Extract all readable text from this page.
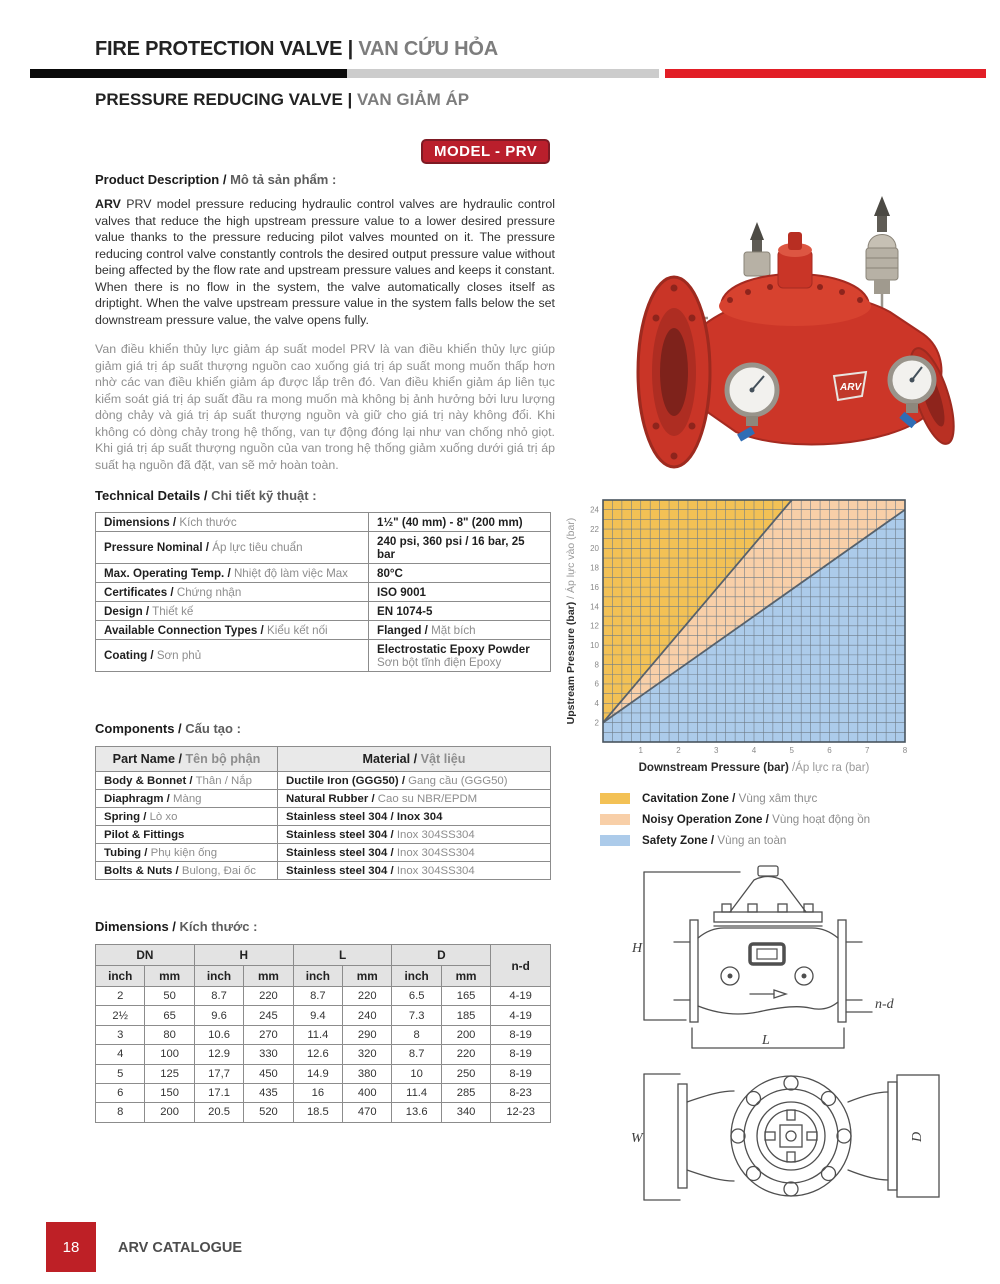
FIRE PROTECTION VALVE | VAN CỨU HỎA
PRESSURE REDUCING VALVE | VAN GIẢM ÁP
MODEL - PRV
Product Description / Mô tả sản phẩm :
ARV PRV model pressure reducing hydraulic control valves are hydraulic control valves that reduce the high upstream pressure value to a lower desired pressure value thanks to the pressure reducing pilot valves mounted on it. The pressure reducing control valve constantly controls the desired output pressure value without being affected by the flow rate and upstream pressure values and keeps it constant. When there is no flow in the system, the valve automatically closes itself as driptight. When the valve upstream pressure value in the system falls below the set downstream pressure value, the valve opens fully.
Van điều khiển thủy lực giảm áp suất model PRV là van điều khiển thủy lực giúp giảm giá trị áp suất thượng nguồn cao xuống giá trị áp suất mong muốn thấp hơn nhờ các van điều khiển giảm áp được lắp trên đó. Van điều khiển giảm áp liên tục kiểm soát giá trị áp suất đầu ra mong muốn mà không bị ảnh hưởng bởi lưu lượng dòng chảy và giá trị áp suất thượng nguồn và giữ cho giá trị này không đổi. Khi không có dòng chảy trong hệ thống, van tự động đóng lại như van chống nhỏ giọt. Khi giá trị áp suất thượng nguồn của van trong hệ thống giảm xuống dưới giá trị áp suất hạ nguồn đã đặt, van sẽ mở hoàn toàn.
Technical Details / Chi tiết kỹ thuật :
Dimensions / Kích thước	1½" (40 mm) - 8" (200 mm)
Pressure Nominal / Áp lực tiêu chuẩn	240 psi, 360 psi / 16 bar, 25 bar
Max. Operating Temp. / Nhiệt độ làm việc Max	80°C
Certificates / Chứng nhận	ISO 9001
Design / Thiết kế	EN 1074-5
Available Connection Types / Kiểu kết nối	Flanged / Mặt bích
Coating / Sơn phủ	Electrostatic Epoxy Powder
Sơn bột tĩnh điện Epoxy
Components / Cấu tạo :
Part Name / Tên bộ phận	Material / Vật liệu
Body & Bonnet / Thân / Nắp	Ductile Iron (GGG50) / Gang cầu (GGG50)
Diaphragm / Màng	Natural Rubber / Cao su NBR/EPDM
Spring / Lò xo	Stainless steel 304 / Inox 304
Pilot & Fittings	Stainless steel 304 / Inox 304SS304
Tubing / Phụ kiện ống	Stainless steel 304 / Inox 304SS304
Bolts & Nuts / Bulong, Đai ốc	Stainless steel 304 / Inox 304SS304
Dimensions / Kích thước :
DN		H		L		D		n-d
inch	mm	inch	mm	inch	mm	inch	mm	
2	50	8.7	220	8.7	220	6.5	165	4-19
2½	65	9.6	245	9.4	240	7.3	185	4-19
3	80	10.6	270	11.4	290	8	200	8-19
4	100	12.9	330	12.6	320	8.7	220	8-19
5	125	17,7	450	14.9	380	10	250	8-19
6	150	17.1	435	16	400	11.4	285	8-23
8	200	20.5	520	18.5	470	13.6	340	12-23
ARV
1	2	3	4	5	6	7	8
2
4
6
8
10
12
14
16
18
20
22
24
Downstream Pressure (bar) /Áp lực ra (bar)
Upstream Pressure (bar) / Áp lực vào (bar)
Cavitation Zone /
Vùng xâm thực
Noisy Operation Zone /
Vùng hoạt động ồn
Safety Zone /
Vùng an toàn
H
L
n-d
W	D
18	ARV CATALOGUE
